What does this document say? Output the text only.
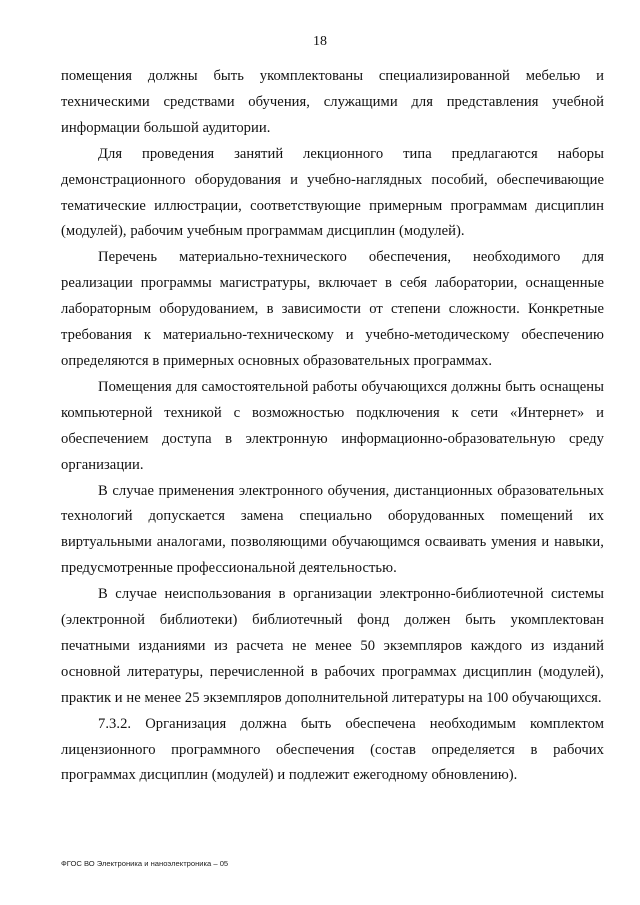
18

помещения должны быть укомплектованы специализированной мебелью и техническими средствами обучения, служащими для представления учебной информации большой аудитории.

Для проведения занятий лекционного типа предлагаются наборы демонстрационного оборудования и учебно-наглядных пособий, обеспечивающие тематические иллюстрации, соответствующие примерным программам дисциплин (модулей), рабочим учебным программам дисциплин (модулей).

Перечень материально-технического обеспечения, необходимого для реализации программы магистратуры, включает в себя лаборатории, оснащенные лабораторным оборудованием, в зависимости от степени сложности. Конкретные требования к материально-техническому и учебно-методическому обеспечению определяются в примерных основных образовательных программах.

Помещения для самостоятельной работы обучающихся должны быть оснащены компьютерной техникой с возможностью подключения к сети «Интернет» и обеспечением доступа в электронную информационно-образовательную среду организации.

В случае применения электронного обучения, дистанционных образовательных технологий допускается замена специально оборудованных помещений их виртуальными аналогами, позволяющими обучающимся осваивать умения и навыки, предусмотренные профессиональной деятельностью.

В случае неиспользования в организации электронно-библиотечной системы (электронной библиотеки) библиотечный фонд должен быть укомплектован печатными изданиями из расчета не менее 50 экземпляров каждого из изданий основной литературы, перечисленной в рабочих программах дисциплин (модулей), практик и не менее 25 экземпляров дополнительной литературы на 100 обучающихся.

7.3.2. Организация должна быть обеспечена необходимым комплектом лицензионного программного обеспечения (состав определяется в рабочих программах дисциплин (модулей) и подлежит ежегодному обновлению).

ФГОС ВО Электроника и наноэлектроника – 05
